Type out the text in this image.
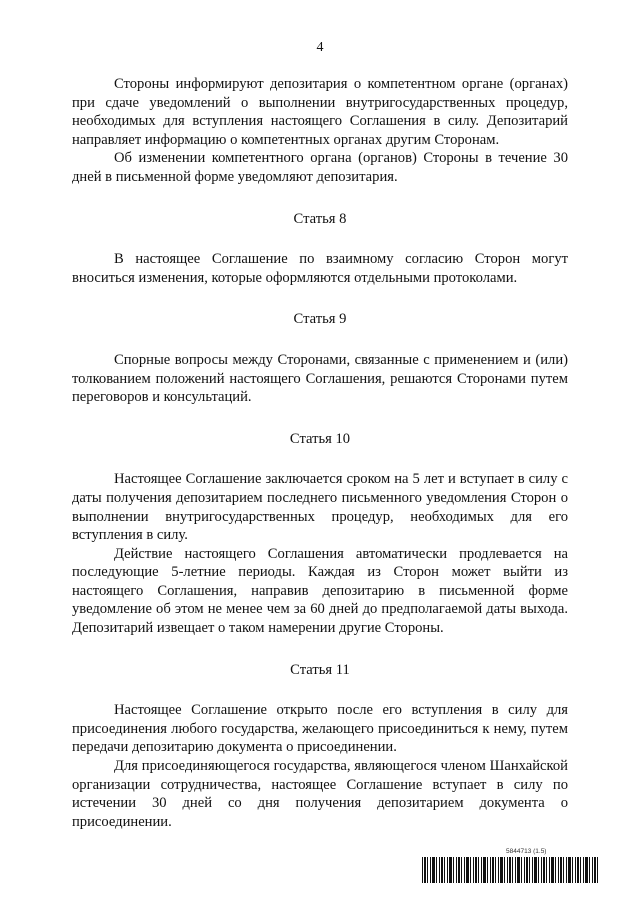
4

Стороны информируют депозитария о компетентном органе (органах) при сдаче уведомлений о выполнении внутригосударственных процедур, необходимых для вступления настоящего Соглашения в силу. Депозитарий направляет информацию о компетентных органах другим Сторонам.

Об изменении компетентного органа (органов) Стороны в течение 30 дней в письменной форме уведомляют депозитария.

Статья 8

В настоящее Соглашение по взаимному согласию Сторон могут вноситься изменения, которые оформляются отдельными протоколами.

Статья 9

Спорные вопросы между Сторонами, связанные с применением и (или) толкованием положений настоящего Соглашения, решаются Сторонами путем переговоров и консультаций.

Статья 10

Настоящее Соглашение заключается сроком на 5 лет и вступает в силу с даты получения депозитарием последнего письменного уведомления Сторон о выполнении внутригосударственных процедур, необходимых для его вступления в силу.

Действие настоящего Соглашения автоматически продлевается на последующие 5-летние периоды. Каждая из Сторон может выйти из настоящего Соглашения, направив депозитарию в письменной форме уведомление об этом не менее чем за 60 дней до предполагаемой даты выхода. Депозитарий извещает о таком намерении другие Стороны.

Статья 11

Настоящее Соглашение открыто после его вступления в силу для присоединения любого государства, желающего присоединиться к нему, путем передачи депозитарию документа о присоединении.

Для присоединяющегося государства, являющегося членом Шанхайской организации сотрудничества, настоящее Соглашение вступает в силу по истечении 30 дней со дня получения депозитарием документа о присоединении.

5844713 (1.5)
